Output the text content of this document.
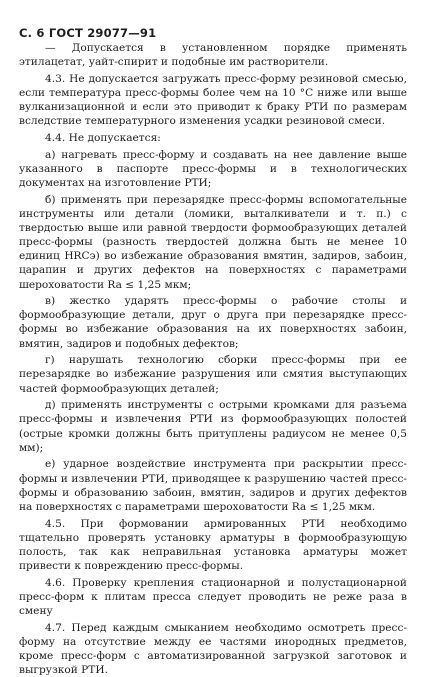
С. 6 ГОСТ 29077—91

— Допускается в установленном порядке применять этилацетат, уайт-спирит и подобные им растворители.

4.3. Не допускается загружать пресс-форму резиновой смесью, если температура пресс-формы более чем на 10 °С ниже или выше вулканизационной и если это приводит к браку РТИ по размерам вследствие температурного изменения усадки резиновой смеси.

4.4. Не допускается:

а) нагревать пресс-форму и создавать на нее давление выше указанного в паспорте пресс-формы и в технологических документах на изготовление РТИ;

б) применять при перезарядке пресс-формы вспомогательные инструменты или детали (ломики, выталкиватели и т. п.) с твердостью выше или равной твердости формообразующих деталей пресс-формы (разность твердостей должна быть не менее 10 единиц HRCэ) во избежание образования вмятин, задиров, забоин, царапин и других дефектов на поверхностях с параметрами шероховатости Ra ≤ 1,25 мкм;

в) жестко ударять пресс-формы о рабочие столы и формообразующие детали, друг о друга при перезарядке пресс-формы во избежание образования на их поверхностях забоин, вмятин, задиров и подобных дефектов;

г) нарушать технологию сборки пресс-формы при ее перезарядке во избежание разрушения или смятия выступающих частей формообразующих деталей;

д) применять инструменты с острыми кромками для разъема пресс-формы и извлечения РТИ из формообразующих полостей (острые кромки должны быть притуплены радиусом не менее 0,5 мм);

е) ударное воздействие инструмента при раскрытии пресс-формы и извлечении РТИ, приводящее к разрушению частей пресс-формы и образованию забоин, вмятин, задиров и других дефектов на поверхностях с параметрами шероховатости Ra ≤ 1,25 мкм.

4.5. При формовании армированных РТИ необходимо тщательно проверять установку арматуры в формообразующую полость, так как неправильная установка арматуры может привести к повреждению пресс-формы.

4.6. Проверку крепления стационарной и полустационарной пресс-форм к плитам пресса следует проводить не реже раза в смену

4.7. Перед каждым смыканием необходимо осмотреть пресс-форму на отсутствие между ее частями инородных предметов, кроме пресс-форм с автоматизированной загрузкой заготовок и выгрузкой РТИ.
